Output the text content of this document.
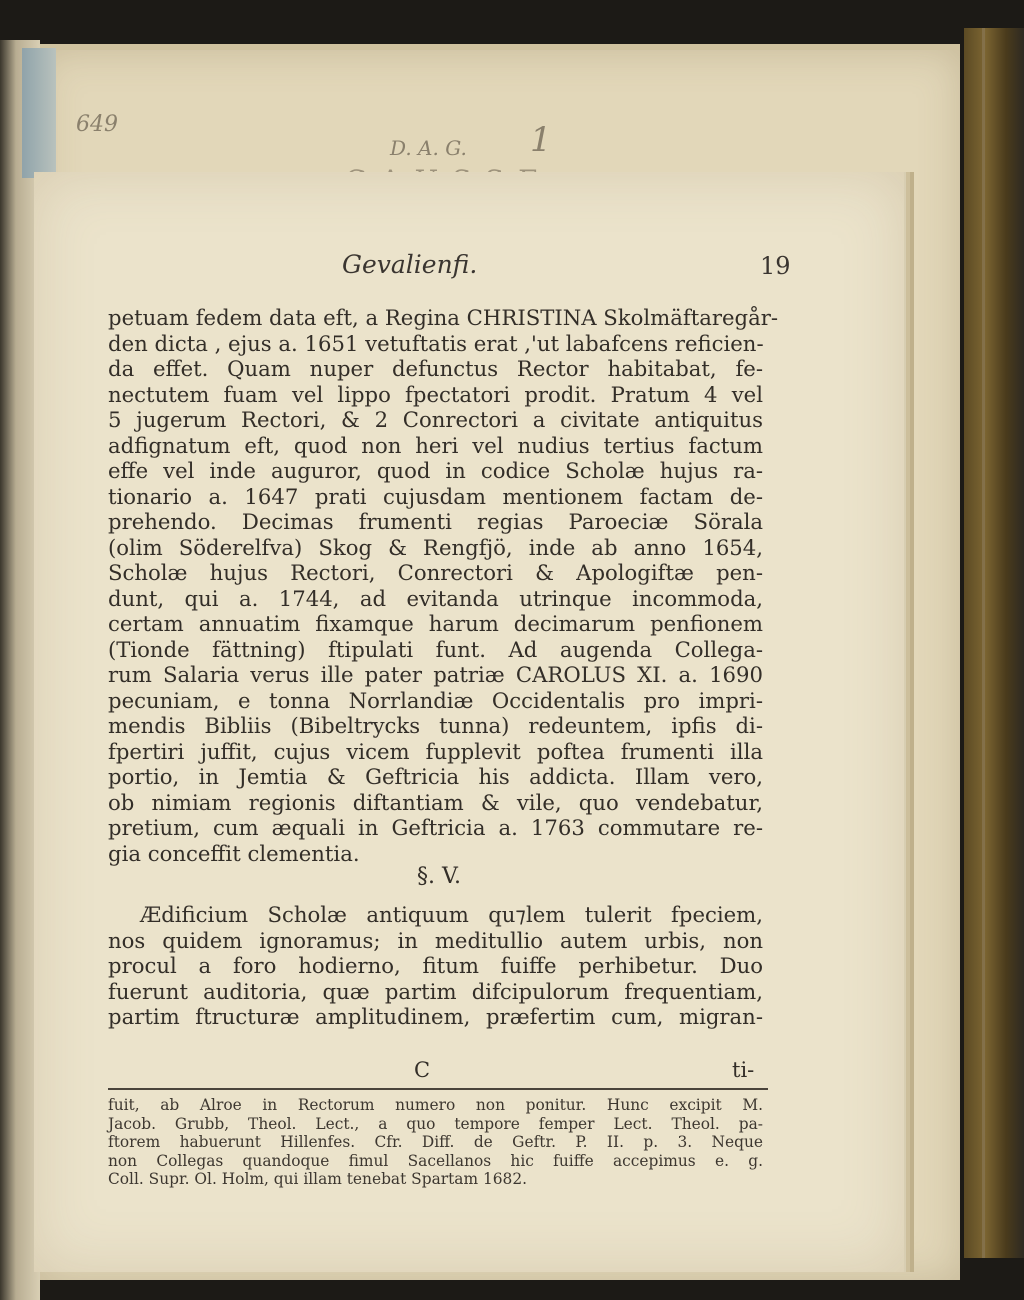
649
D. A. G. 1
Gevalienfi.	19
petuam fedem data eft, a Regina CHRISTINA Skolmäftaregår-
den dicta , ejus a. 1651 vetuftatis erat ,'ut labafcens reficien-
da effet. Quam nuper defunctus Rector habitabat, fe-
nectutem fuam vel lippo fpectatori prodit. Pratum 4 vel
5 jugerum Rectori, & 2 Conrectori a civitate antiquitus
adfignatum eft, quod non heri vel nudius tertius factum
effe vel inde auguror, quod in codice Scholæ hujus ra-
tionario a. 1647 prati cujusdam mentionem factam de-
prehendo. Decimas frumenti regias Paroeciæ Sörala
(olim Söderelfva) Skog & Rengfjö, inde ab anno 1654,
Scholæ hujus Rectori, Conrectori & Apologiftæ pen-
dunt, qui a. 1744, ad evitanda utrinque incommoda,
certam annuatim fixamque harum decimarum penfionem
(Tionde fättning) ftipulati funt. Ad augenda Collega-
rum Salaria verus ille pater patriæ CAROLUS XI. a. 1690
pecuniam, e tonna Norrlandiæ Occidentalis pro impri-
mendis Bibliis (Bibeltrycks tunna) redeuntem, ipfis di-
fpertiri juffit, cujus vicem fupplevit poftea frumenti illa
portio, in Jemtia & Geftricia his addicta. Illam vero,
ob nimiam regionis diftantiam & vile, quo vendebatur,
pretium, cum æquali in Geftricia a. 1763 commutare re-
gia conceffit clementia.
§. V.
Ædificium Scholæ antiquum qu⁊lem tulerit fpeciem,
nos quidem ignoramus; in meditullio autem urbis, non
procul a foro hodierno, fitum fuiffe perhibetur. Duo
fuerunt auditoria, quæ partim difcipulorum frequentiam,
partim ftructuræ amplitudinem, præfertim cum, migran-
C	ti-
fuit, ab Alroe in Rectorum numero non ponitur. Hunc excipit M.
Jacob. Grubb, Theol. Lect., a quo tempore femper Lect. Theol. pa-
ftorem habuerunt Hillenfes. Cfr. Diff. de Geftr. P. II. p. 3. Neque
non Collegas quandoque fimul Sacellanos hic fuiffe accepimus e. g.
Coll. Supr. Ol. Holm, qui illam tenebat Spartam 1682.
